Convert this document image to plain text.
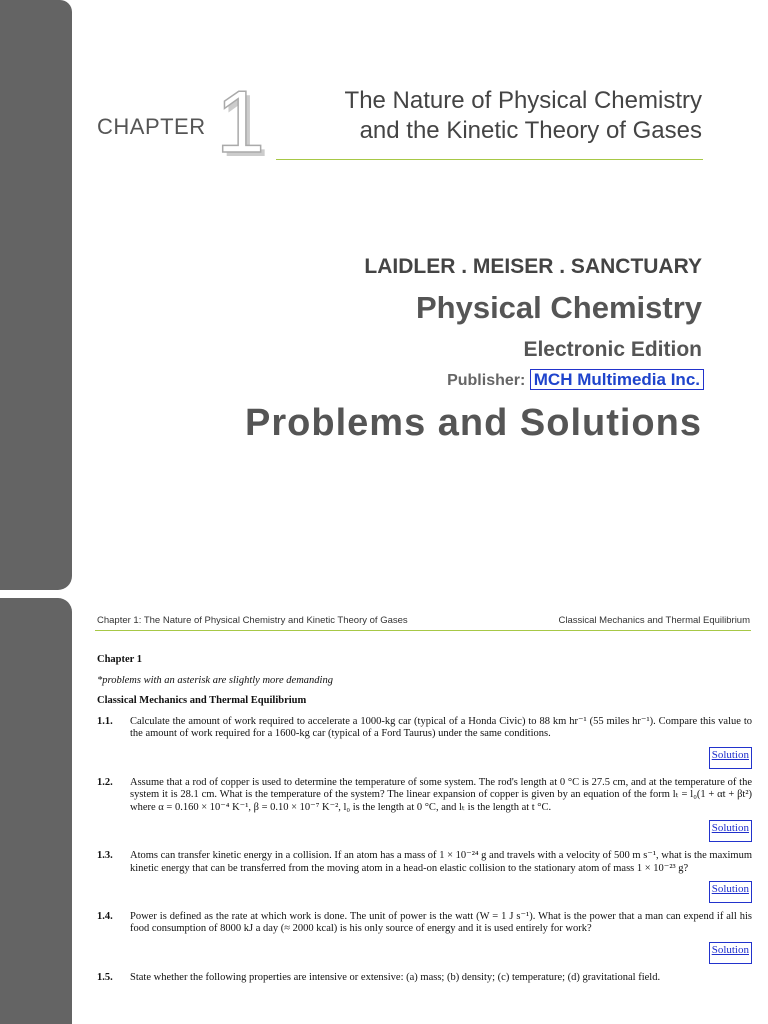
CHAPTER 1	The Nature of Physical Chemistry
and the Kinetic Theory of Gases
LAIDLER . MEISER . SANCTUARY
Physical Chemistry
Electronic Edition
Publisher: MCH Multimedia Inc.
Problems and Solutions
Chapter 1: The Nature of Physical Chemistry and Kinetic Theory of Gases	Classical Mechanics and Thermal Equilibrium
Chapter 1
*problems with an asterisk are slightly more demanding
Classical Mechanics and Thermal Equilibrium
1.1.	Calculate the amount of work required to accelerate a 1000-kg car (typical of a Honda Civic) to 88 km hr⁻¹ (55 miles hr⁻¹). Compare this value to the amount of work required for a 1600-kg car (typical of a Ford Taurus) under the same conditions.
Solution
1.2.	Assume that a rod of copper is used to determine the temperature of some system. The rod's length at 0 °C is 27.5 cm, and at the temperature of the system it is 28.1 cm. What is the temperature of the system? The linear expansion of copper is given by an equation of the form lₜ = l₀(1 + αt + βt²) where α = 0.160 × 10⁻⁴ K⁻¹, β = 0.10 × 10⁻⁷ K⁻², l₀ is the length at 0 °C, and lₜ is the length at t °C.
Solution
1.3.	Atoms can transfer kinetic energy in a collision. If an atom has a mass of 1 × 10⁻²⁴ g and travels with a velocity of 500 m s⁻¹, what is the maximum kinetic energy that can be transferred from the moving atom in a head-on elastic collision to the stationary atom of mass 1 × 10⁻²³ g?
Solution
1.4.	Power is defined as the rate at which work is done. The unit of power is the watt (W = 1 J s⁻¹). What is the power that a man can expend if all his food consumption of 8000 kJ a day (≈ 2000 kcal) is his only source of energy and it is used entirely for work?
Solution
1.5.	State whether the following properties are intensive or extensive: (a) mass; (b) density; (c) temperature; (d) gravitational field.
